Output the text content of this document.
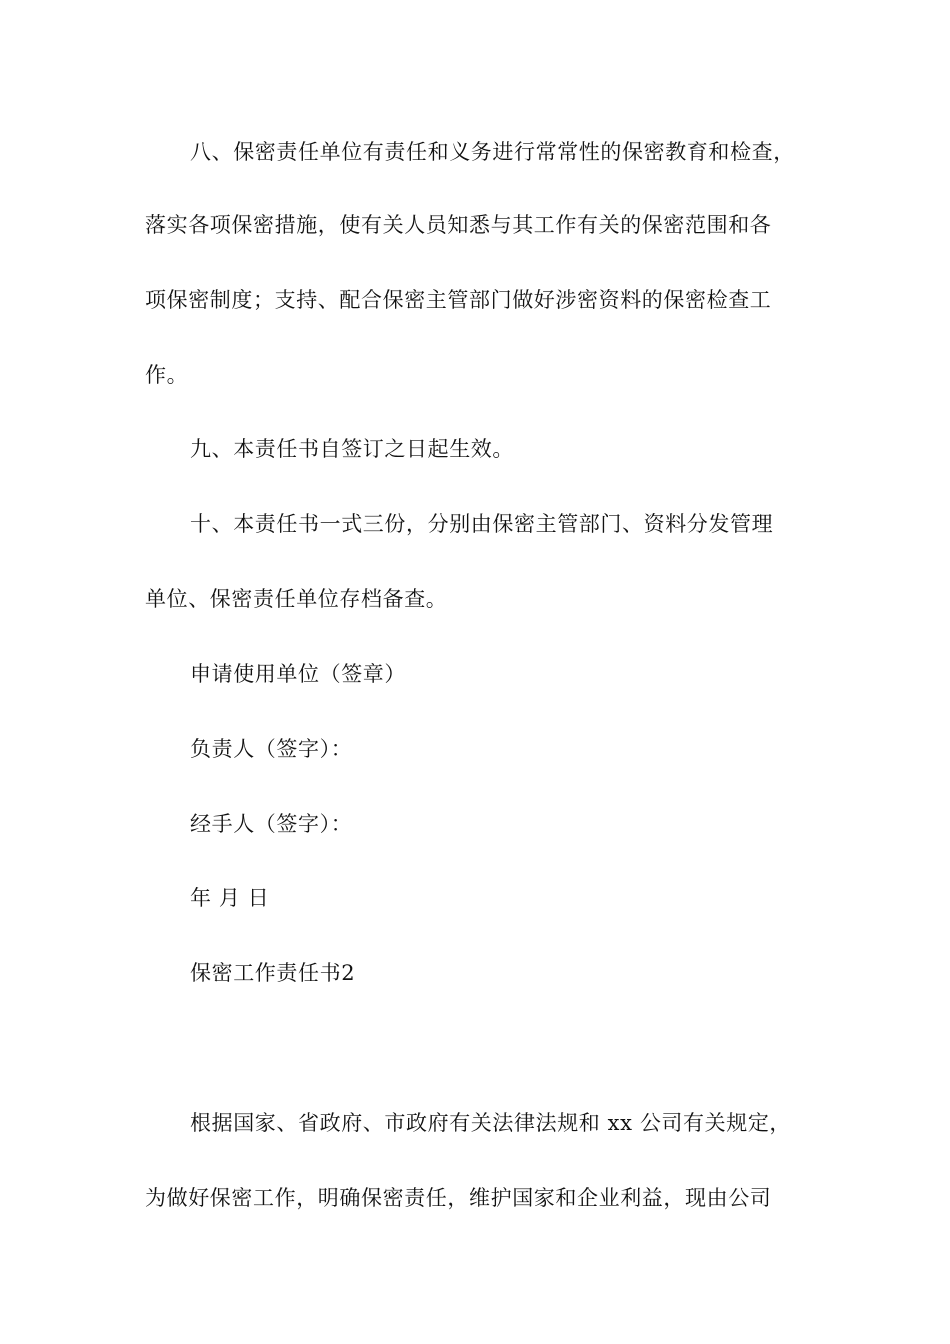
八、保密责任单位有责任和义务进行常常性的保密教育和检查，
落实各项保密措施，使有关人员知悉与其工作有关的保密范围和各
项保密制度；支持、配合保密主管部门做好涉密资料的保密检查工
作。
九、本责任书自签订之日起生效。
十、本责任书一式三份，分别由保密主管部门、资料分发管理
单位、保密责任单位存档备查。
申请使用单位（签章）
负责人（签字）：
经手人（签字）：
年 月 日
保密工作责任书2
根据国家、省政府、市政府有关法律法规和 xx 公司有关规定，
为做好保密工作，明确保密责任，维护国家和企业利益，现由公司
